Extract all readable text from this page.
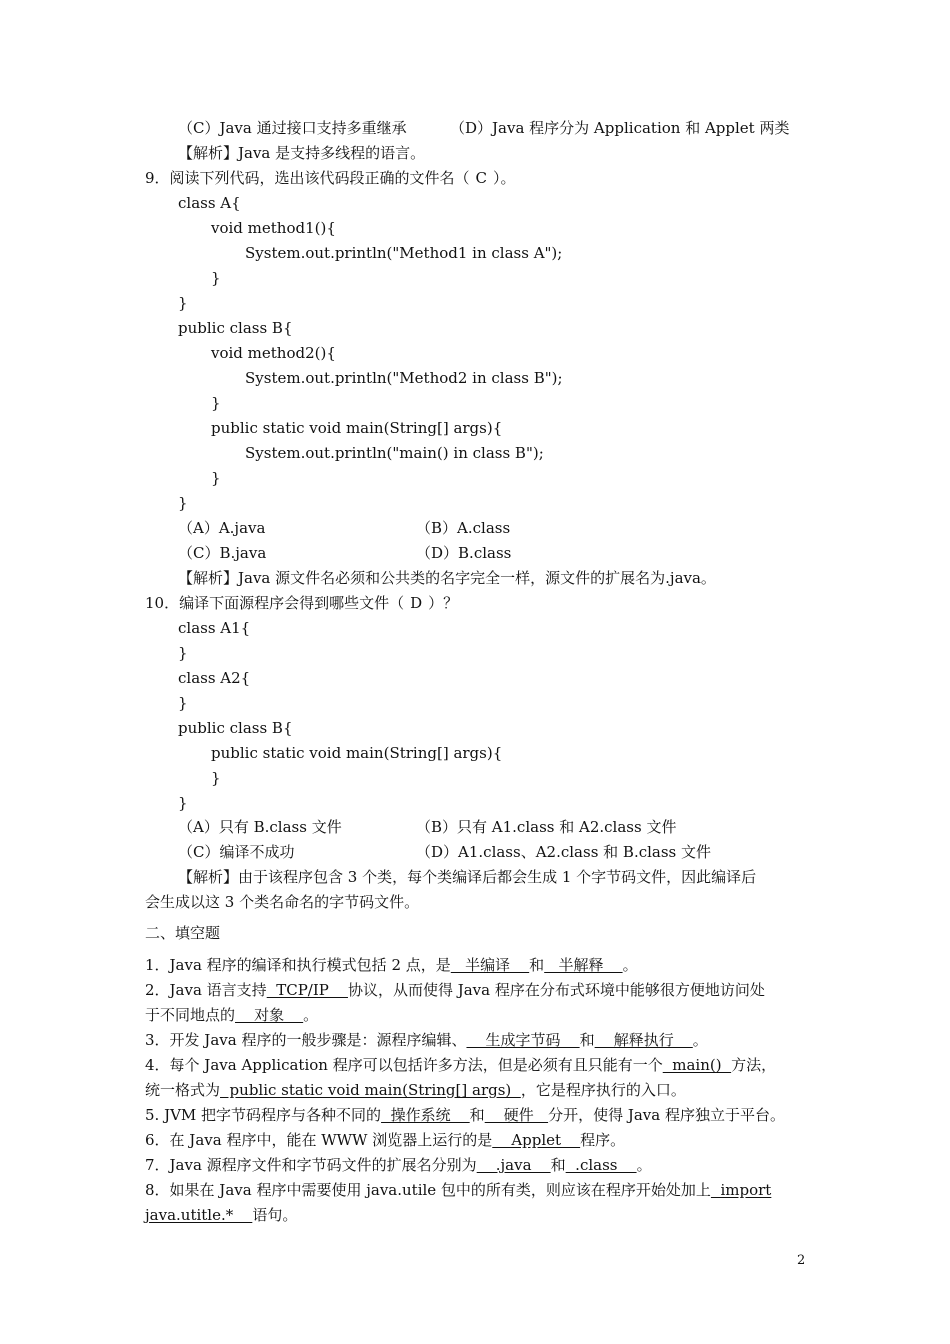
（C）Java 通过接口支持多重继承	（D）Java 程序分为 Application 和 Applet 两类
【解析】Java 是支持多线程的语言。
9．阅读下列代码，选出该代码段正确的文件名（ C ）。
class A{
void method1(){
System.out.println("Method1 in class A");
}
}
public class B{
void method2(){
System.out.println("Method2 in class B");
}
public static void main(String[] args){
System.out.println("main() in class B");
}
}
（A）A.java	（B）A.class
（C）B.java	（D）B.class
【解析】Java 源文件名必须和公共类的名字完全一样，源文件的扩展名为.java。
10．编译下面源程序会得到哪些文件（ D ）？
class A1{
}
class A2{
}
public class B{
public static void main(String[] args){
}
}
（A）只有 B.class 文件	（B）只有 A1.class 和 A2.class 文件
（C）编译不成功	（D）A1.class、A2.class 和 B.class 文件
【解析】由于该程序包含 3 个类，每个类编译后都会生成 1 个字节码文件，因此编译后
会生成以这 3 个类名命名的字节码文件。
二、填空题
1．Java 程序的编译和执行模式包括 2 点，是   半编译    和   半解释    。
2．Java 语言支持  TCP/IP    协议，从而使得 Java 程序在分布式环境中能够很方便地访问处
于不同地点的    对象    。
3．开发 Java 程序的一般步骤是：源程序编辑、    生成字节码    和    解释执行    。
4．每个 Java Application 程序可以包括许多方法，但是必须有且只能有一个  main()  方法，
统一格式为  public static void main(String[] args)  ，它是程序执行的入口。
5. JVM 把字节码程序与各种不同的  操作系统    和    硬件   分开，使得 Java 程序独立于平台。
6．在 Java 程序中，能在 WWW 浏览器上运行的是    Applet    程序。
7．Java 源程序文件和字节码文件的扩展名分别为    .java    和  .class    。
8．如果在 Java 程序中需要使用 java.utile 包中的所有类，则应该在程序开始处加上  import
java.utitle.*    语句。
2
